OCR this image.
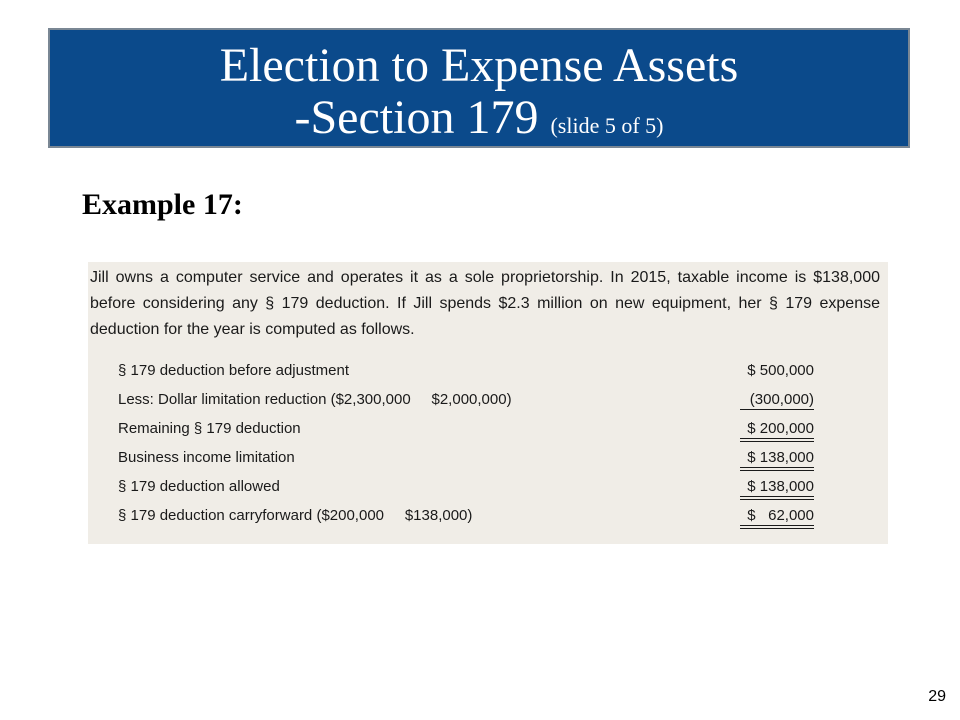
Election to Expense Assets
-Section 179 (slide 5 of 5)
Example 17:
Jill owns a computer service and operates it as a sole proprietorship. In 2015, taxable income is $138,000 before considering any § 179 deduction. If Jill spends $2.3 million on new equipment, her § 179 expense deduction for the year is computed as follows.
§ 179 deduction before adjustment	$ 500,000
Less: Dollar limitation reduction ($2,300,000     $2,000,000)	(300,000)
Remaining § 179 deduction	$ 200,000
Business income limitation	$ 138,000
§ 179 deduction allowed	$ 138,000
§ 179 deduction carryforward ($200,000     $138,000)	$   62,000
29
